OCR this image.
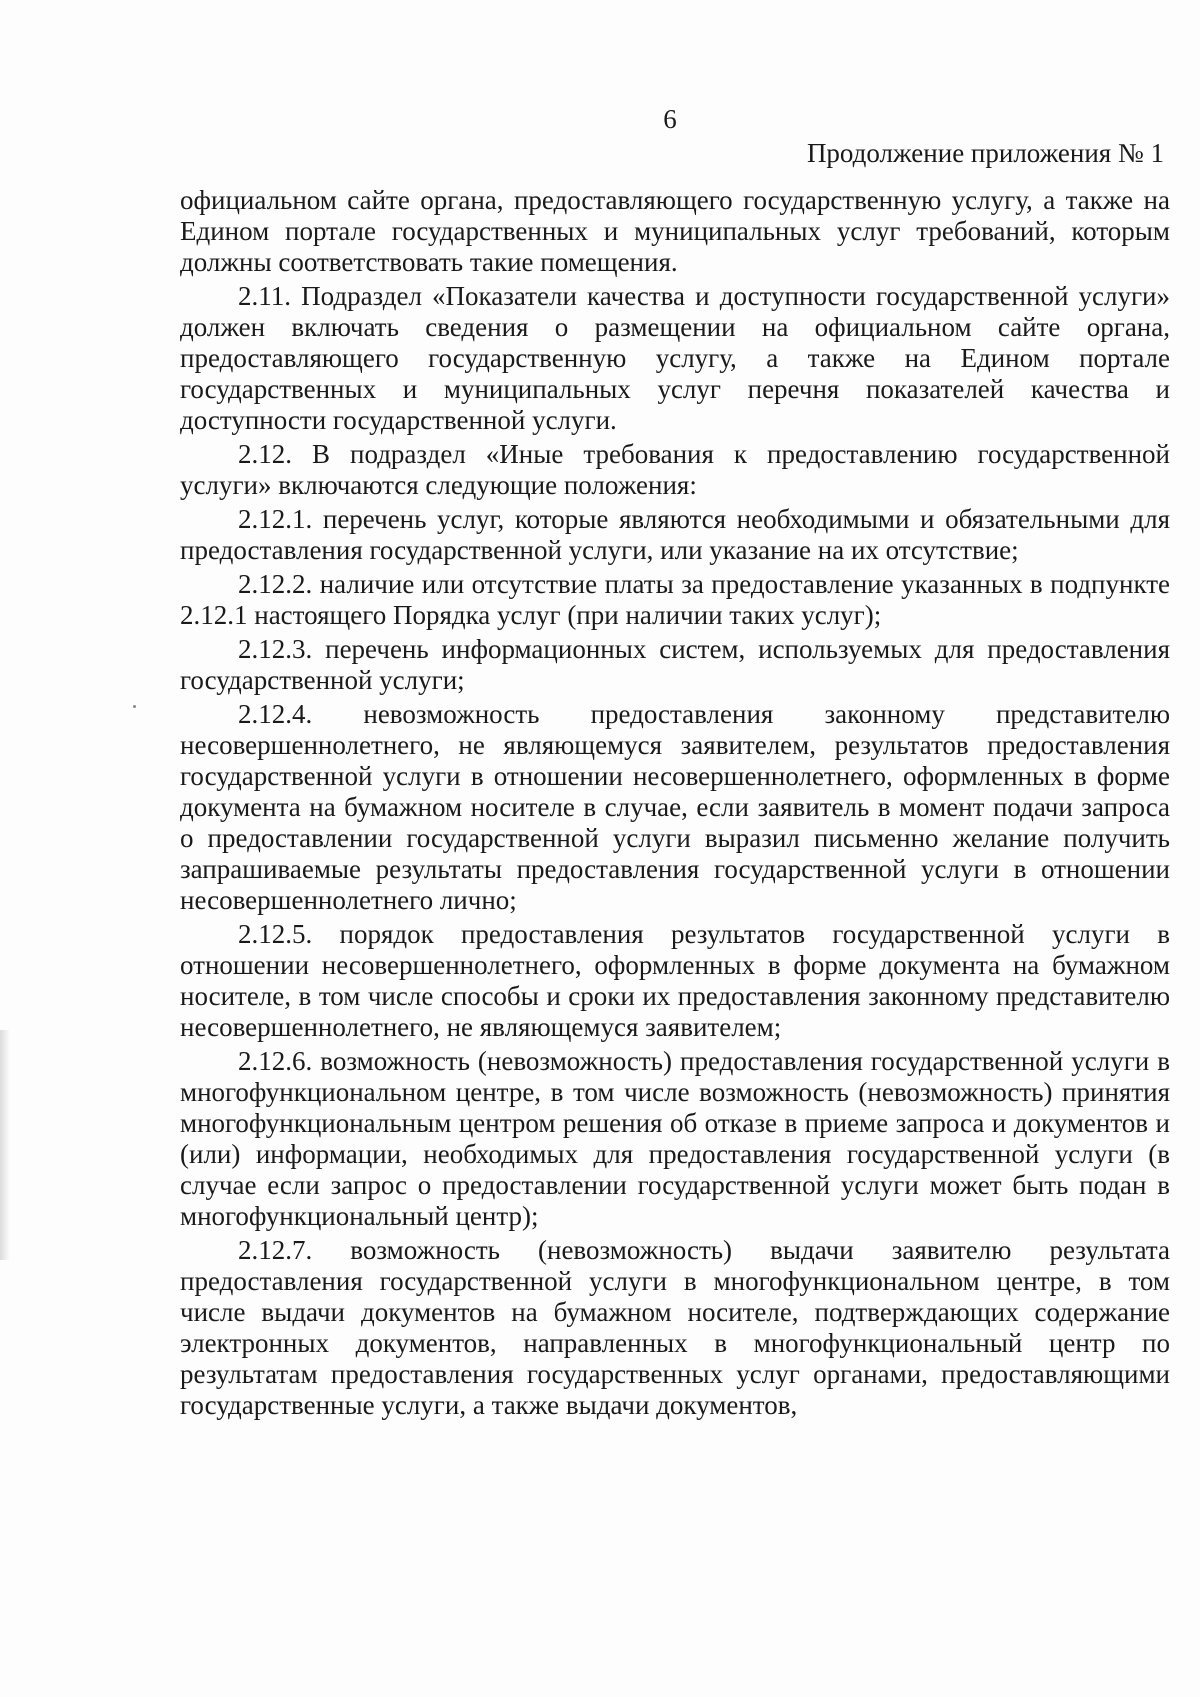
6
Продолжение приложения № 1

официальном сайте органа, предоставляющего государственную услугу, а также на Едином портале государственных и муниципальных услуг требований, которым должны соответствовать такие помещения.

2.11. Подраздел «Показатели качества и доступности государственной услуги» должен включать сведения о размещении на официальном сайте органа, предоставляющего государственную услугу, а также на Едином портале государственных и муниципальных услуг перечня показателей качества и доступности государственной услуги.

2.12. В подраздел «Иные требования к предоставлению государственной услуги» включаются следующие положения:

2.12.1. перечень услуг, которые являются необходимыми и обязательными для предоставления государственной услуги, или указание на их отсутствие;

2.12.2. наличие или отсутствие платы за предоставление указанных в подпункте 2.12.1 настоящего Порядка услуг (при наличии таких услуг);

2.12.3. перечень информационных систем, используемых для предоставления государственной услуги;

2.12.4. невозможность предоставления законному представителю несовершеннолетнего, не являющемуся заявителем, результатов предоставления государственной услуги в отношении несовершеннолетнего, оформленных в форме документа на бумажном носителе в случае, если заявитель в момент подачи запроса о предоставлении государственной услуги выразил письменно желание получить запрашиваемые результаты предоставления государственной услуги в отношении несовершеннолетнего лично;

2.12.5. порядок предоставления результатов государственной услуги в отношении несовершеннолетнего, оформленных в форме документа на бумажном носителе, в том числе способы и сроки их предоставления законному представителю несовершеннолетнего, не являющемуся заявителем;

2.12.6. возможность (невозможность) предоставления государственной услуги в многофункциональном центре, в том числе возможность (невозможность) принятия многофункциональным центром решения об отказе в приеме запроса и документов и (или) информации, необходимых для предоставления государственной услуги (в случае если запрос о предоставлении государственной услуги может быть подан в многофункциональный центр);

2.12.7. возможность (невозможность) выдачи заявителю результата предоставления государственной услуги в многофункциональном центре, в том числе выдачи документов на бумажном носителе, подтверждающих содержание электронных документов, направленных в многофункциональный центр по результатам предоставления государственных услуг органами, предоставляющими государственные услуги, а также выдачи документов,
